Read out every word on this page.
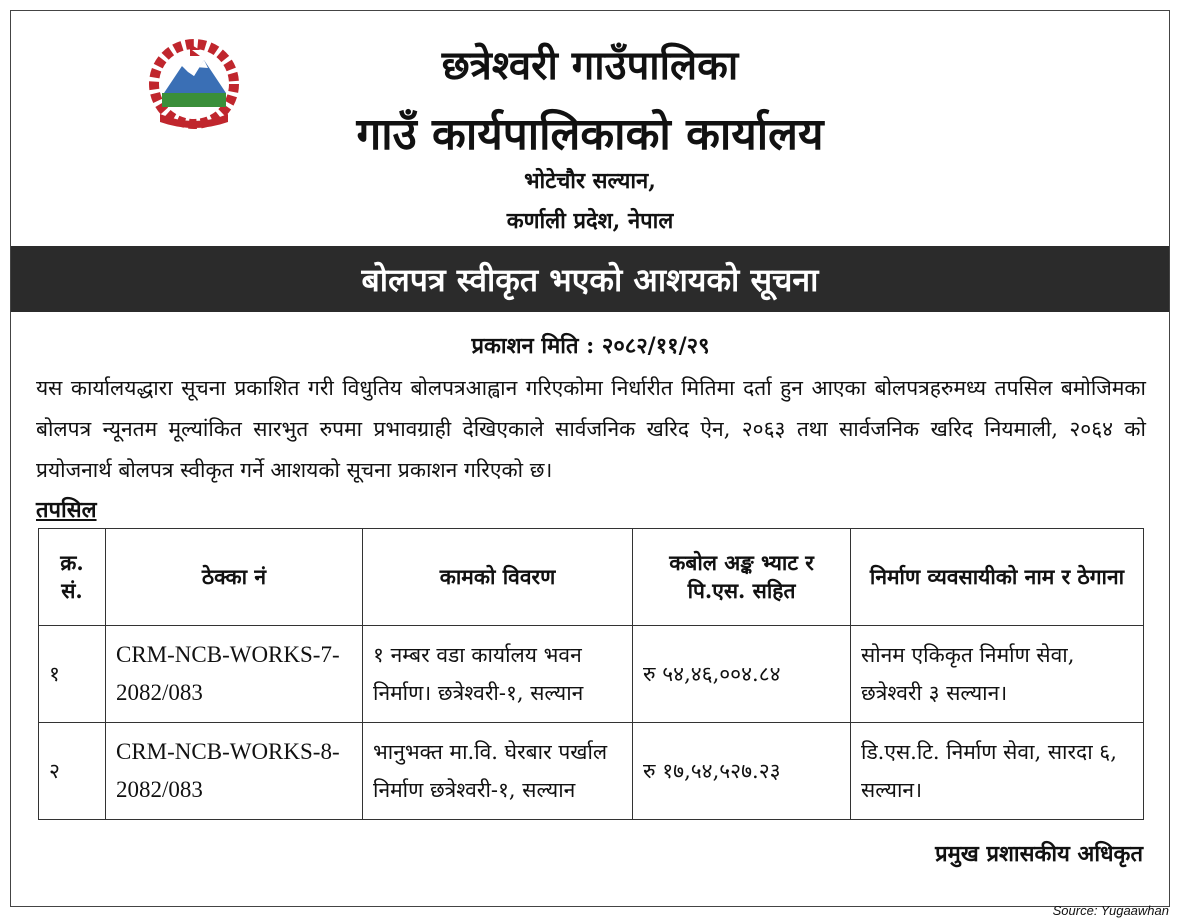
छत्रेश्वरी गाउँपालिका
गाउँ कार्यपालिकाको कार्यालय
भोटेचौर सल्यान,
कर्णाली प्रदेश, नेपाल
बोलपत्र स्वीकृत भएको आशयको सूचना
प्रकाशन मिति : २०८२/११/२९
यस कार्यालयद्धारा सूचना प्रकाशित गरी विधुतिय बोलपत्रआह्वान गरिएकोमा निर्धारीत मितिमा दर्ता हुन आएका बोलपत्रहरुमध्य तपसिल बमोजिमका बोलपत्र न्यूनतम मूल्यांकित सारभुत रुपमा प्रभावग्राही देखिएकाले सार्वजनिक खरिद ऐन, २०६३ तथा सार्वजनिक खरिद नियमाली, २०६४ को प्रयोजनार्थ बोलपत्र स्वीकृत गर्ने आशयको सूचना प्रकाशन गरिएको छ।
तपसिल
क्र. सं.	ठेक्का नं	कामको विवरण	कबोल अङ्क भ्याट र पि.एस. सहित	निर्माण व्यवसायीको नाम र ठेगाना
१	CRM-NCB-WORKS-7-2082/083	१ नम्बर वडा कार्यालय भवन निर्माण। छत्रेश्वरी-१, सल्यान	रु ५४,४६,००४.८४	सोनम एकिकृत निर्माण सेवा, छत्रेश्वरी ३ सल्यान।
२	CRM-NCB-WORKS-8-2082/083	भानुभक्त मा.वि. घेरबार पर्खाल निर्माण छत्रेश्वरी-१, सल्यान	रु १७,५४,५२७.२३	डि.एस.टि. निर्माण सेवा, सारदा ६, सल्यान।
प्रमुख प्रशासकीय अधिकृत
Source: Yugaawhan
